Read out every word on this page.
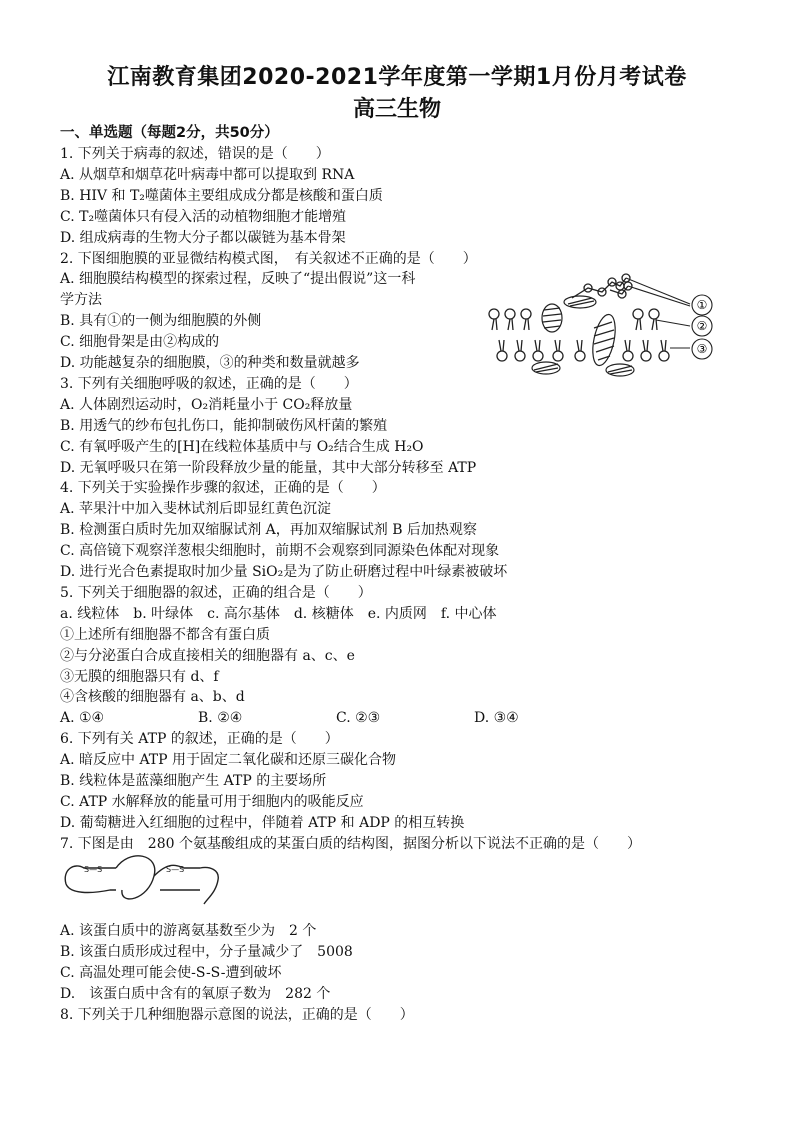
江南教育集团2020-2021学年度第一学期1月份月考试卷
高三生物
一、单选题（每题2分，共50分）
1. 下列关于病毒的叙述，错误的是（　　）
A. 从烟草和烟草花叶病毒中都可以提取到 RNA
B. HIV 和 T₂噬菌体主要组成成分都是核酸和蛋白质
C. T₂噬菌体只有侵入活的动植物细胞才能增殖
D. 组成病毒的生物大分子都以碳链为基本骨架
2. 下图细胞膜的亚显微结构模式图，　有关叙述不正确的是（　　）
A. 细胞膜结构模型的探索过程，反映了“提出假说”这一科
学方法
B. 具有①的一侧为细胞膜的外侧
C. 细胞骨架是由②构成的
D. 功能越复杂的细胞膜，③的种类和数量就越多
3. 下列有关细胞呼吸的叙述，正确的是（　　）
A. 人体剧烈运动时，O₂消耗量小于 CO₂释放量
B. 用透气的纱布包扎伤口，能抑制破伤风杆菌的繁殖
C. 有氧呼吸产生的[H]在线粒体基质中与 O₂结合生成 H₂O
D. 无氧呼吸只在第一阶段释放少量的能量，其中大部分转移至 ATP
4. 下列关于实验操作步骤的叙述，正确的是（　　）
A. 苹果汁中加入斐林试剂后即显红黄色沉淀
B. 检测蛋白质时先加双缩脲试剂 A，再加双缩脲试剂 B 后加热观察
C. 高倍镜下观察洋葱根尖细胞时，前期不会观察到同源染色体配对现象
D. 进行光合色素提取时加少量 SiO₂是为了防止研磨过程中叶绿素被破坏
5. 下列关于细胞器的叙述，正确的组合是（　　）
a. 线粒体　b. 叶绿体　c. 高尔基体　d. 核糖体　e. 内质网　f. 中心体
①上述所有细胞器不都含有蛋白质
②与分泌蛋白合成直接相关的细胞器有 a、c、e
③无膜的细胞器只有 d、f
④含核酸的细胞器有 a、b、d
A. ①④	B. ②④	C. ②③	D. ③④
6. 下列有关 ATP 的叙述，正确的是（　　）
A. 暗反应中 ATP 用于固定二氧化碳和还原三碳化合物
B. 线粒体是蓝藻细胞产生 ATP 的主要场所
C. ATP 水解释放的能量可用于细胞内的吸能反应
D. 葡萄糖进入红细胞的过程中，伴随着 ATP 和 ADP 的相互转换
7. 下图是由　280 个氨基酸组成的某蛋白质的结构图，据图分析以下说法不正确的是（　　）
A. 该蛋白质中的游离氨基数至少为　2 个
B. 该蛋白质形成过程中，分子量减少了　5008
C. 高温处理可能会使-S-S-遭到破坏
D.　该蛋白质中含有的氧原子数为　282 个
8. 下列关于几种细胞器示意图的说法，正确的是（　　）
①
②
③
S—S	S—S
